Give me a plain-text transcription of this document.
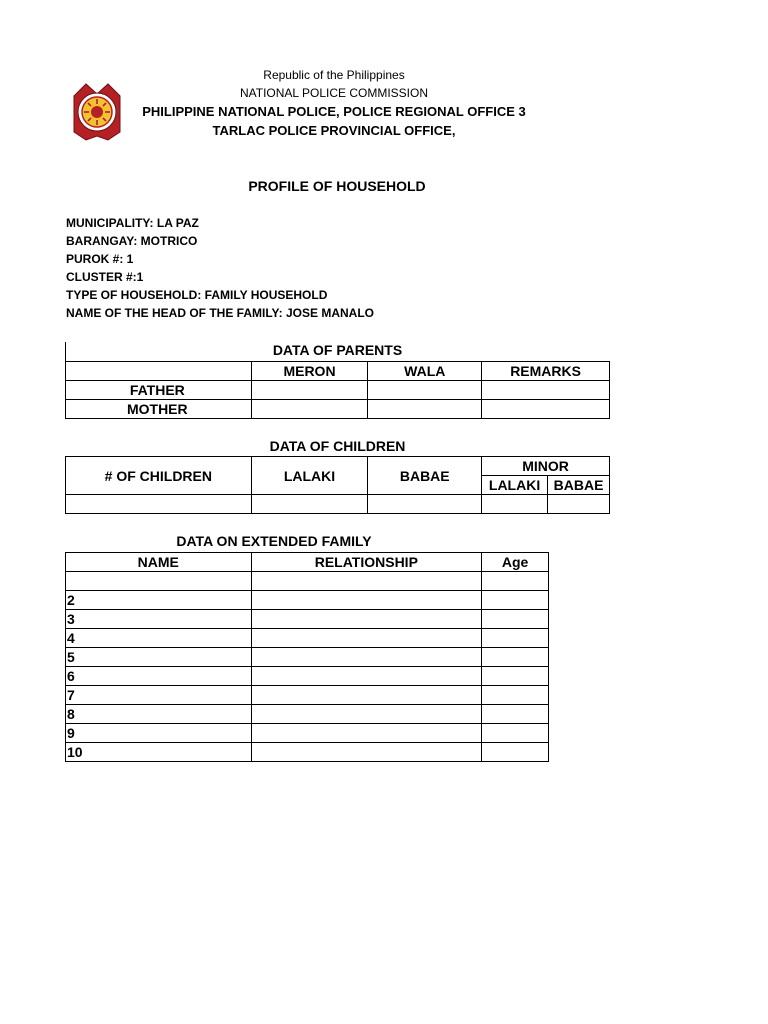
Republic of the Philippines
NATIONAL POLICE COMMISSION
PHILIPPINE NATIONAL POLICE, POLICE REGIONAL OFFICE 3
TARLAC POLICE PROVINCIAL OFFICE,
PROFILE OF HOUSEHOLD
MUNICIPALITY: LA PAZ
BARANGAY: MOTRICO
PUROK #: 1
CLUSTER #:1
TYPE OF HOUSEHOLD: FAMILY HOUSEHOLD
NAME OF THE HEAD OF THE FAMILY: JOSE MANALO
DATA OF PARENTS
	MERON	WALA	REMARKS
FATHER			
MOTHER			
DATA OF CHILDREN
# OF CHILDREN	LALAKI	BABAE	MINOR	
			LALAKI	BABAE

DATA ON EXTENDED FAMILY
NAME	RELATIONSHIP	Age

2		
3		
4		
5		
6		
7		
8		
9		
10		
